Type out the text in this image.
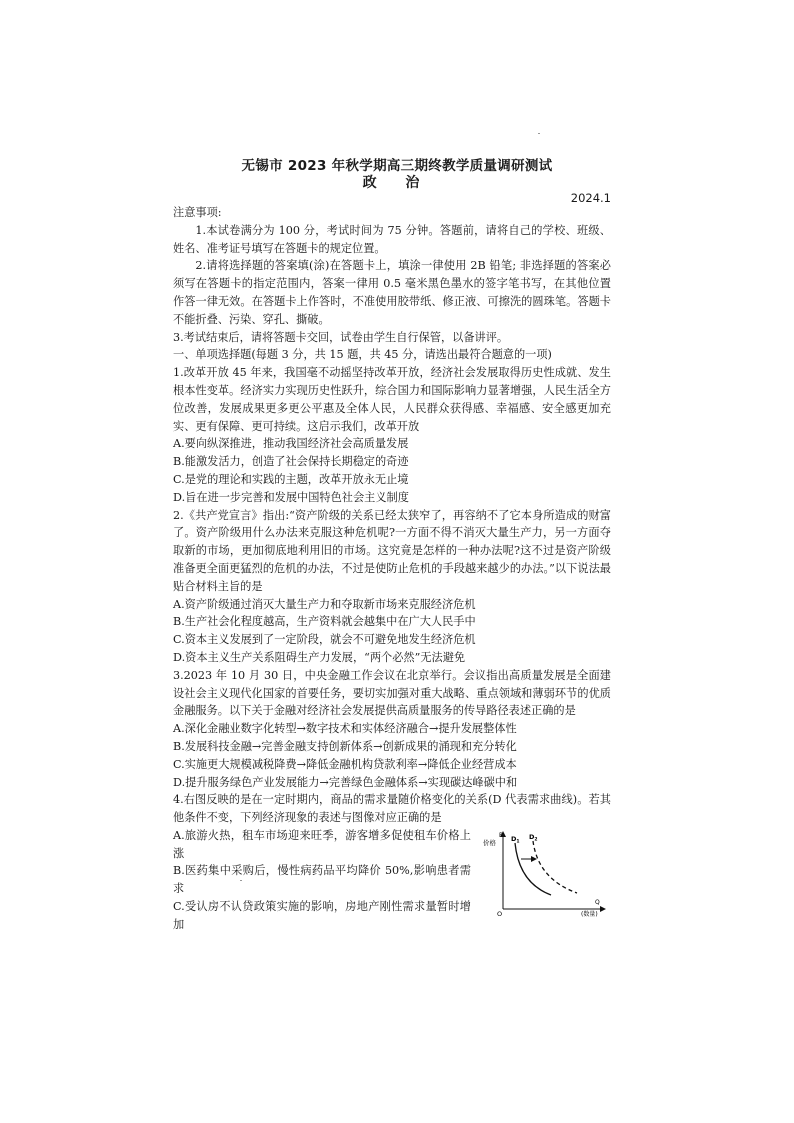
无锡市 2023 年秋学期高三期终教学质量调研测试
政 治
2024.1

注意事项:

1.本试卷满分为 100 分，考试时间为 75 分钟。答题前，请将自己的学校、班级、姓名、准考证号填写在答题卡的规定位置。

2.请将选择题的答案填(涂)在答题卡上，填涂一律使用 2B 铅笔; 非选择题的答案必须写在答题卡的指定范围内，答案一律用 0.5 毫米黑色墨水的签字笔书写，在其他位置作答一律无效。在答题卡上作答时，不准使用胶带纸、修正液、可擦洗的圆珠笔。答题卡不能折叠、污染、穿孔、撕破。

3.考试结束后，请将答题卡交回，试卷由学生自行保管，以备讲评。

一、单项选择题(每题 3 分，共 15 题，共 45 分，请选出最符合题意的一项)

1.改革开放 45 年来，我国毫不动摇坚持改革开放，经济社会发展取得历史性成就、发生根本性变革。经济实力实现历史性跃升，综合国力和国际影响力显著增强，人民生活全方位改善，发展成果更多更公平惠及全体人民，人民群众获得感、幸福感、安全感更加充实、更有保障、更可持续。这启示我们，改革开放

A.要向纵深推进，推动我国经济社会高质量发展

B.能激发活力，创造了社会保持长期稳定的奇迹

C.是党的理论和实践的主题，改革开放永无止境

D.旨在进一步完善和发展中国特色社会主义制度

2.《共产党宣言》指出:“资产阶级的关系已经太狭窄了，再容纳不了它本身所造成的财富了。资产阶级用什么办法来克服这种危机呢?一方面不得不消灭大量生产力，另一方面夺取新的市场，更加彻底地利用旧的市场。这究竟是怎样的一种办法呢?这不过是资产阶级准备更全面更猛烈的危机的办法，不过是使防止危机的手段越来越少的办法。”以下说法最贴合材料主旨的是

A.资产阶级通过消灭大量生产力和夺取新市场来克服经济危机

B.生产社会化程度越高，生产资料就会越集中在广大人民手中

C.资本主义发展到了一定阶段，就会不可避免地发生经济危机

D.资本主义生产关系阻碍生产力发展，“两个必然”无法避免

3.2023 年 10 月 30 日，中央金融工作会议在北京举行。会议指出高质量发展是全面建设社会主义现代化国家的首要任务，要切实加强对重大战略、重点领域和薄弱环节的优质金融服务。以下关于金融对经济社会发展提供高质量服务的传导路径表述正确的是

A.深化金融业数字化转型→数字技术和实体经济融合→提升发展整体性

B.发展科技金融→完善金融支持创新体系→创新成果的涌现和充分转化

C.实施更大规模减税降费→降低金融机构贷款利率→降低企业经营成本

D.提升服务绿色产业发展能力→完善绿色金融体系→实现碳达峰碳中和

4.右图反映的是在一定时期内，商品的需求量随价格变化的关系(D 代表需求曲线)。若其他条件不变，下列经济现象的表述与图像对应正确的是

A.旅游火热，租车市场迎来旺季，游客增多促使租车价格上涨

B.医药集中采购后，慢性病药品平均降价 50%,影响患者需求

C.受认房不认贷政策实施的影响，房地产刚性需求量暂时增加

P
价格
O
Q
(数量)
$D_1$
$D_2$
